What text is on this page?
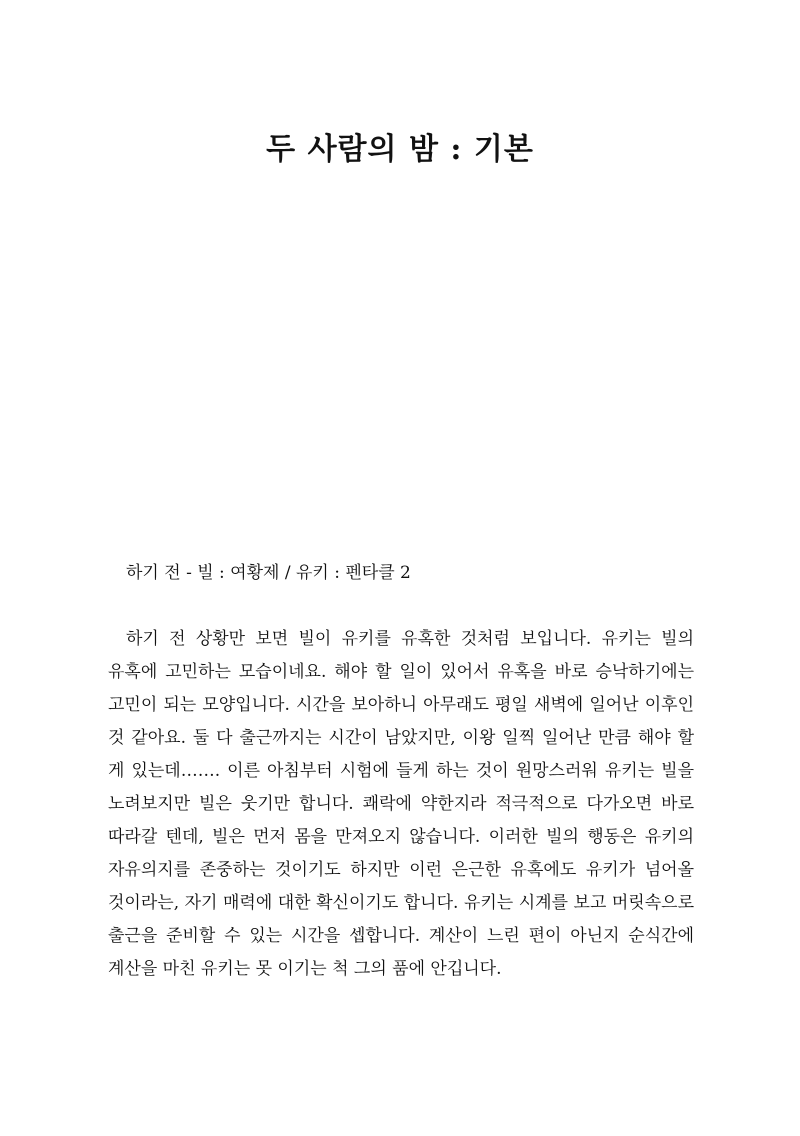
두 사람의 밤 : 기본

하기 전 - 빌 : 여황제 / 유키 : 펜타클 2

하기 전 상황만 보면 빌이 유키를 유혹한 것처럼 보입니다. 유키는 빌의 유혹에 고민하는 모습이네요. 해야 할 일이 있어서 유혹을 바로 승낙하기에는 고민이 되는 모양입니다. 시간을 보아하니 아무래도 평일 새벽에 일어난 이후인 것 같아요. 둘 다 출근까지는 시간이 남았지만, 이왕 일찍 일어난 만큼 해야 할 게 있는데……. 이른 아침부터 시험에 들게 하는 것이 원망스러워 유키는 빌을 노려보지만 빌은 웃기만 합니다. 쾌락에 약한지라 적극적으로 다가오면 바로 따라갈 텐데, 빌은 먼저 몸을 만져오지 않습니다. 이러한 빌의 행동은 유키의 자유의지를 존중하는 것이기도 하지만 이런 은근한 유혹에도 유키가 넘어올 것이라는, 자기 매력에 대한 확신이기도 합니다. 유키는 시계를 보고 머릿속으로 출근을 준비할 수 있는 시간을 셉합니다. 계산이 느린 편이 아닌지 순식간에 계산을 마친 유키는 못 이기는 척 그의 품에 안깁니다.
